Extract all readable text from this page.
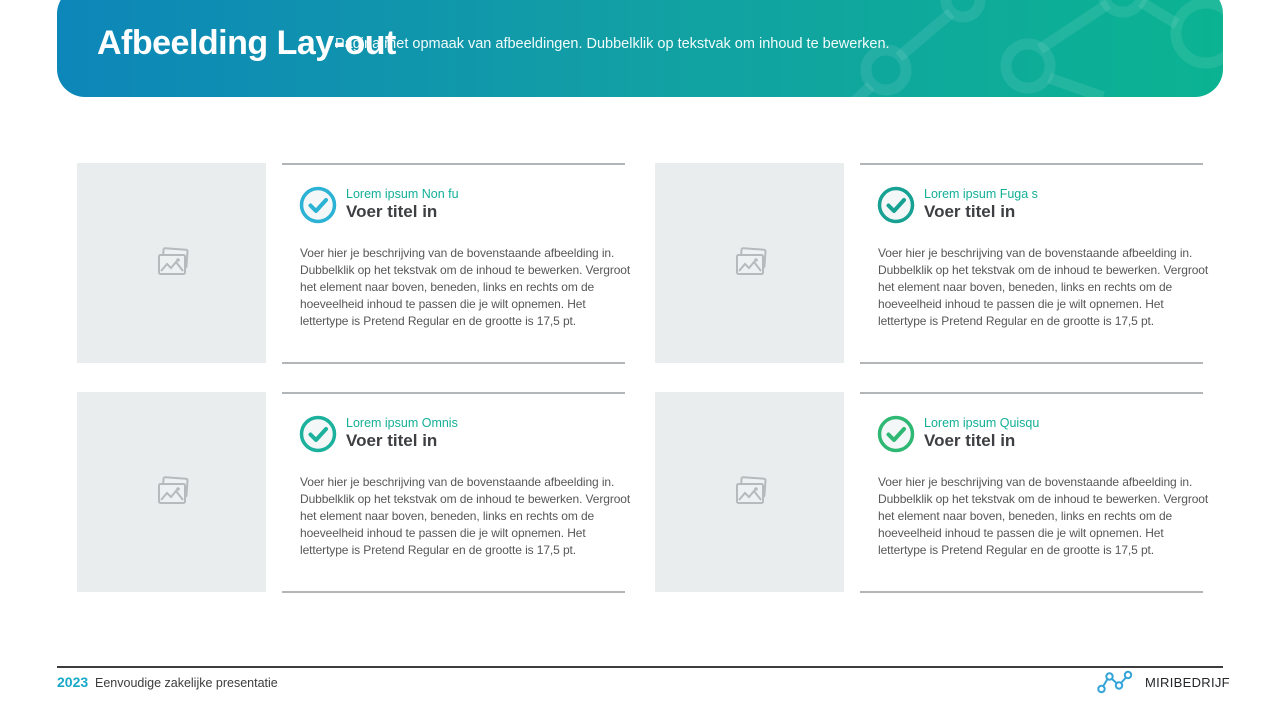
Pagina met opmaak van afbeeldingen. Dubbelklik op tekstvak om inhoud te bewerken.
Afbeelding Lay-out
Lorem ipsum Non fu
Voer titel in

Voer hier je beschrijving van de bovenstaande afbeelding in. Dubbelklik op het tekstvak om de inhoud te bewerken. Vergroot het element naar boven, beneden, links en rechts om de hoeveelheid inhoud te passen die je wilt opnemen. Het lettertype is Pretend Regular en de grootte is 17,5 pt.

Lorem ipsum Fuga s
Voer titel in

Voer hier je beschrijving van de bovenstaande afbeelding in. Dubbelklik op het tekstvak om de inhoud te bewerken. Vergroot het element naar boven, beneden, links en rechts om de hoeveelheid inhoud te passen die je wilt opnemen. Het lettertype is Pretend Regular en de grootte is 17,5 pt.

Lorem ipsum Omnis
Voer titel in

Voer hier je beschrijving van de bovenstaande afbeelding in. Dubbelklik op het tekstvak om de inhoud te bewerken. Vergroot het element naar boven, beneden, links en rechts om de hoeveelheid inhoud te passen die je wilt opnemen. Het lettertype is Pretend Regular en de grootte is 17,5 pt.

Lorem ipsum Quisqu
Voer titel in

Voer hier je beschrijving van de bovenstaande afbeelding in. Dubbelklik op het tekstvak om de inhoud te bewerken. Vergroot het element naar boven, beneden, links en rechts om de hoeveelheid inhoud te passen die je wilt opnemen. Het lettertype is Pretend Regular en de grootte is 17,5 pt.

2023 Eenvoudige zakelijke presentatie	MIRIBEDRIJF
